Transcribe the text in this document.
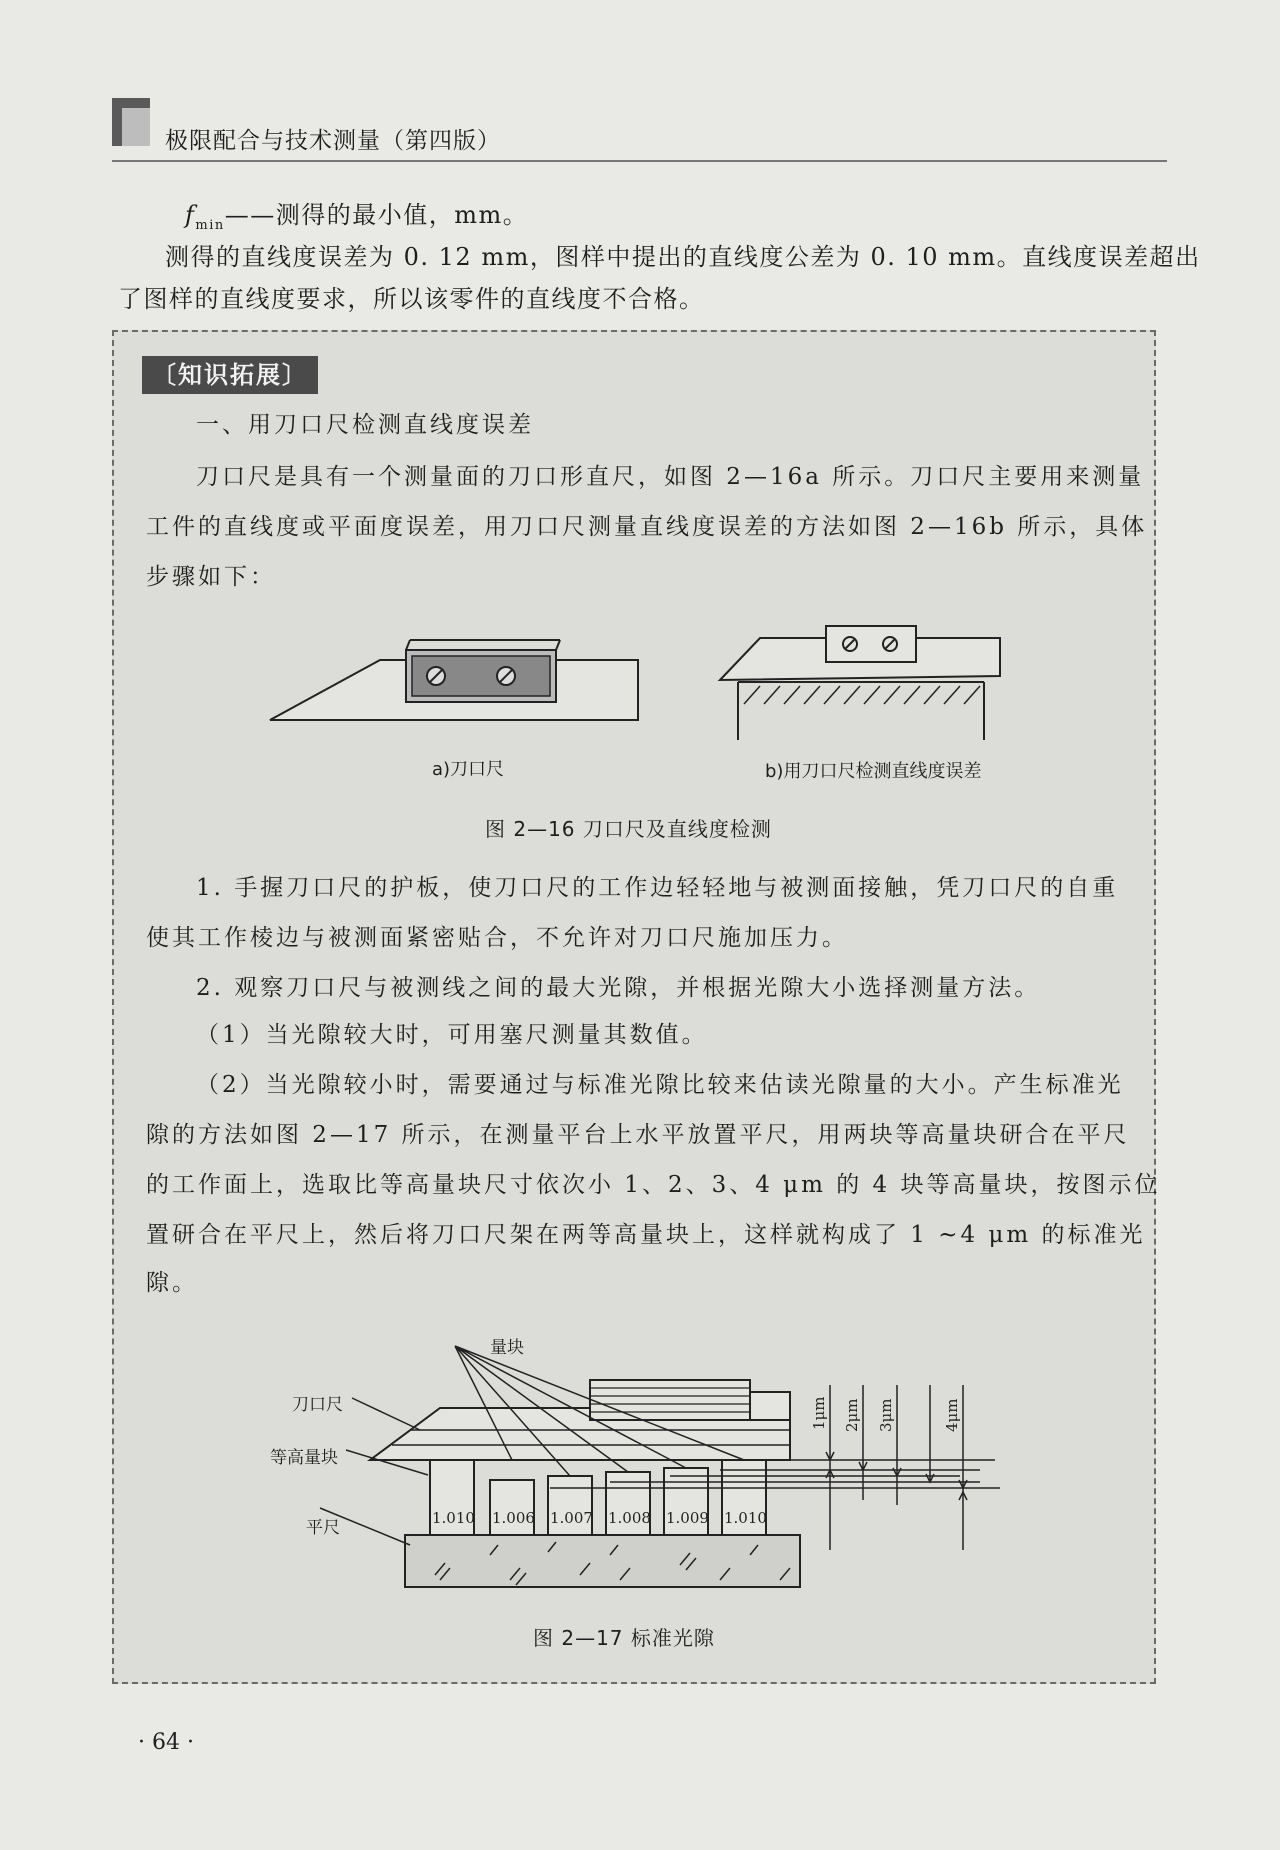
极限配合与技术测量（第四版）

$f_{min}——$测得的最小值，mm。

测得的直线度误差为 0. 12 mm，图样中提出的直线度公差为 0. 10 mm。直线度误差超出

了图样的直线度要求，所以该零件的直线度不合格。

〔知识拓展〕

一、用刀口尺检测直线度误差

刀口尺是具有一个测量面的刀口形直尺，如图 2—16a 所示。刀口尺主要用来测量

工件的直线度或平面度误差，用刀口尺测量直线度误差的方法如图 2—16b 所示，具体

步骤如下：

a)刀口尺	b)用刀口尺检测直线度误差
图 2—16 刀口尺及直线度检测

1. 手握刀口尺的护板，使刀口尺的工作边轻轻地与被测面接触，凭刀口尺的自重

使其工作棱边与被测面紧密贴合，不允许对刀口尺施加压力。

2. 观察刀口尺与被测线之间的最大光隙，并根据光隙大小选择测量方法。

（1）当光隙较大时，可用塞尺测量其数值。

（2）当光隙较小时，需要通过与标准光隙比较来估读光隙量的大小。产生标准光

隙的方法如图 2—17 所示，在测量平台上水平放置平尺，用两块等高量块研合在平尺

的工作面上，选取比等高量块尺寸依次小 1、2、3、4 μm 的 4 块等高量块，按图示位

置研合在平尺上，然后将刀口尺架在两等高量块上，这样就构成了 1 ~4 μm 的标准光

隙。

1.010 1.006 1.007 1.008 1.009 1.010
1μm 2μm 3μm	4μm
量块
刀口尺
等高量块
平尺
图 2—17 标准光隙
· 64 ·
